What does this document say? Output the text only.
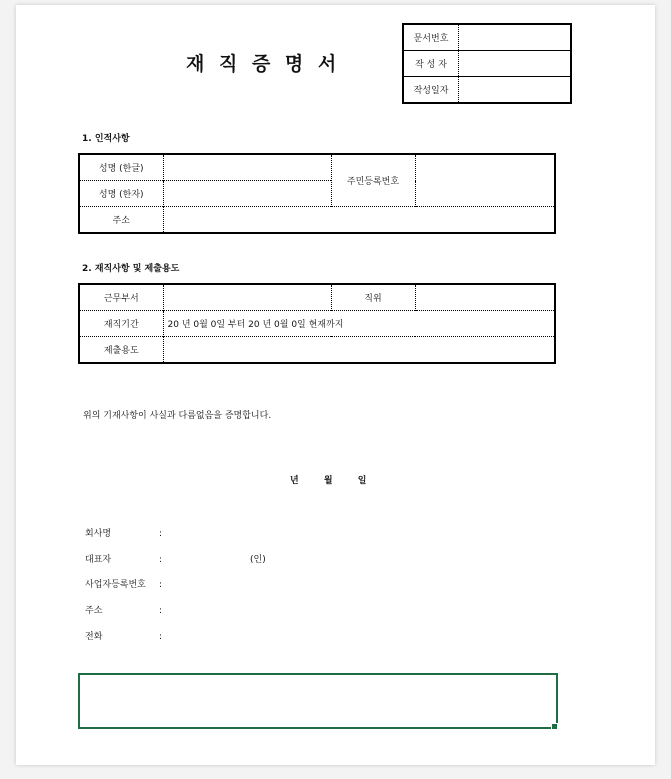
재 직 증 명 서
문서번호	
작 성 자	
작성일자	
1. 인적사항
성명 (한글)		주민등록번호	
성명 (한자)			
주소			
2. 재직사항 및 제출용도
근무부서		직위	
재직기간	20 년 0월 0일 부터 20 년 0월 0일 현재까지		
제출용도			
위의 기재사항이 사실과 다름없음을 증명합니다.
년	월	일
회사명	:
대표자	:	(인)
사업자등록번호 :
주소	:
전화	:
